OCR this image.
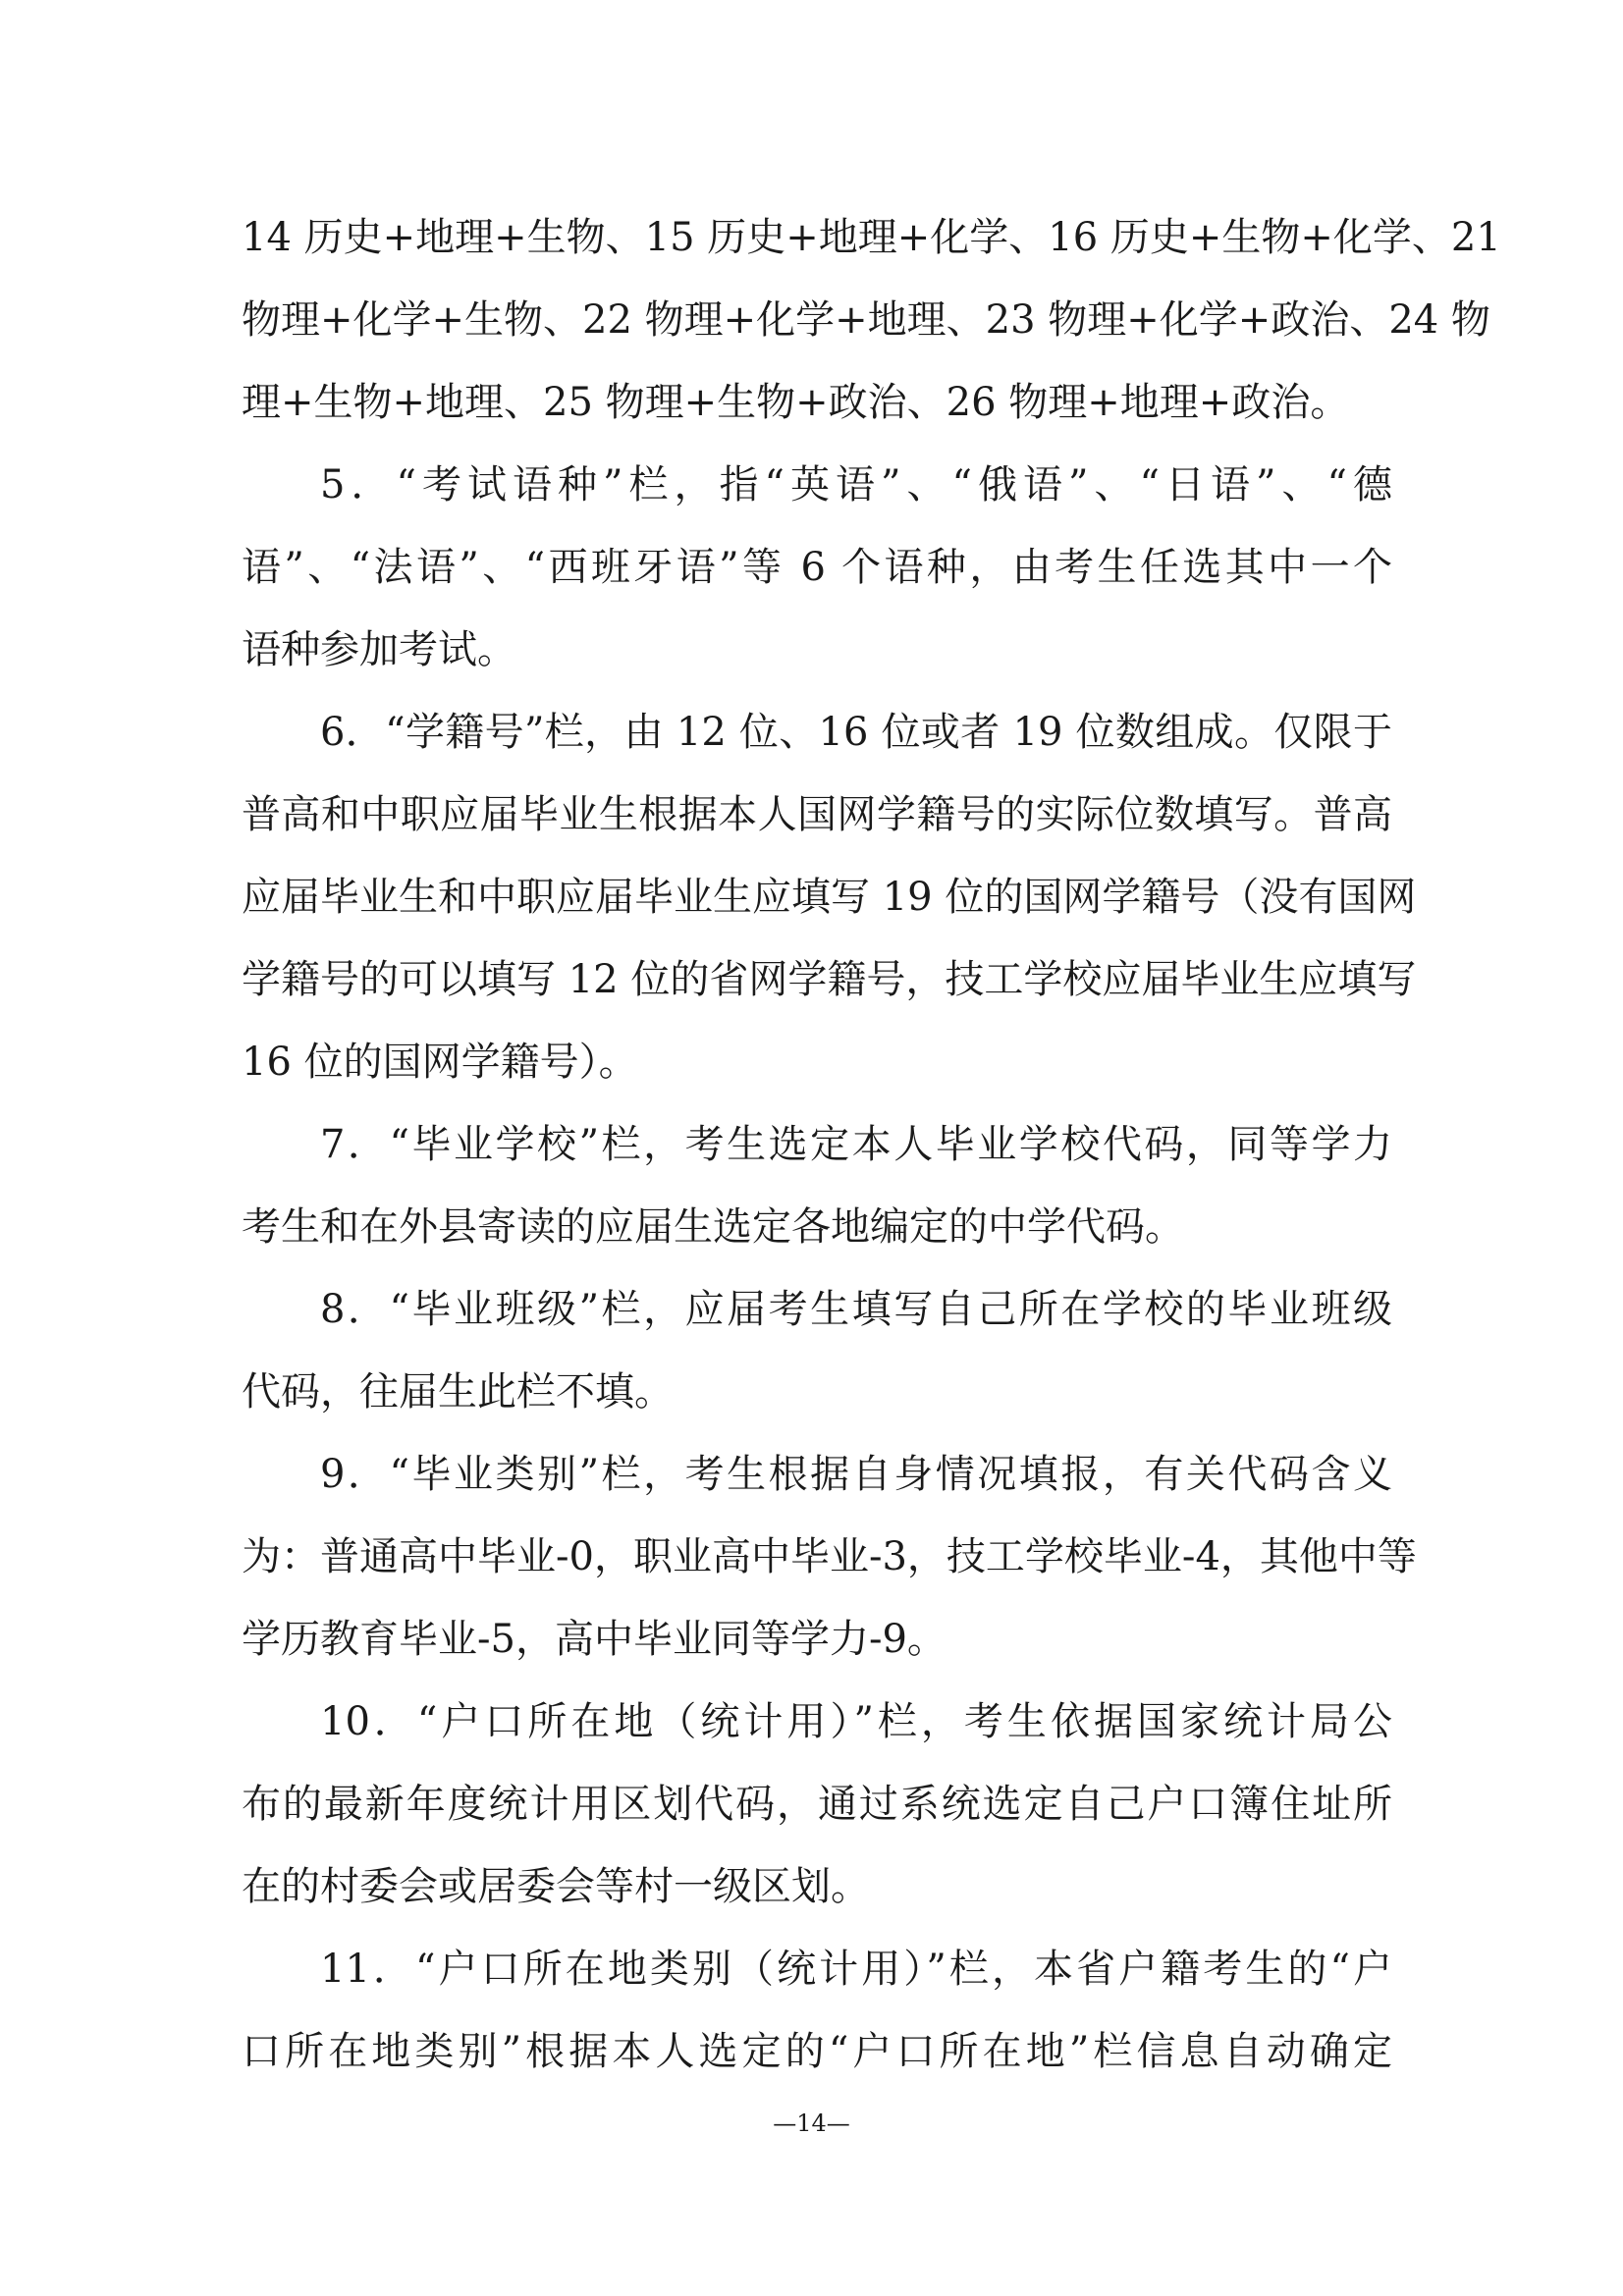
14 历史+地理+生物、15 历史+地理+化学、16 历史+生物+化学、21
物理+化学+生物、22 物理+化学+地理、23 物理+化学+政治、24 物
理+生物+地理、25 物理+生物+政治、26 物理+地理+政治。
5．“考试语种”栏，指“英语”、“俄语”、“日语”、“德
语”、“法语”、“西班牙语”等 6 个语种，由考生任选其中一个
语种参加考试。
6．“学籍号”栏，由 12 位、16 位或者 19 位数组成。仅限于
普高和中职应届毕业生根据本人国网学籍号的实际位数填写。普高
应届毕业生和中职应届毕业生应填写 19 位的国网学籍号（没有国网
学籍号的可以填写 12 位的省网学籍号，技工学校应届毕业生应填写
16 位的国网学籍号）。
7．“毕业学校”栏，考生选定本人毕业学校代码，同等学力
考生和在外县寄读的应届生选定各地编定的中学代码。
8．“毕业班级”栏，应届考生填写自己所在学校的毕业班级
代码，往届生此栏不填。
9．“毕业类别”栏，考生根据自身情况填报，有关代码含义
为：普通高中毕业-0，职业高中毕业-3，技工学校毕业-4，其他中等
学历教育毕业-5，高中毕业同等学力-9。
10．“户口所在地（统计用）”栏，考生依据国家统计局公
布的最新年度统计用区划代码，通过系统选定自己户口簿住址所
在的村委会或居委会等村一级区划。
11．“户口所在地类别（统计用）”栏，本省户籍考生的“户
口所在地类别”根据本人选定的“户口所在地”栏信息自动确定
—14—
